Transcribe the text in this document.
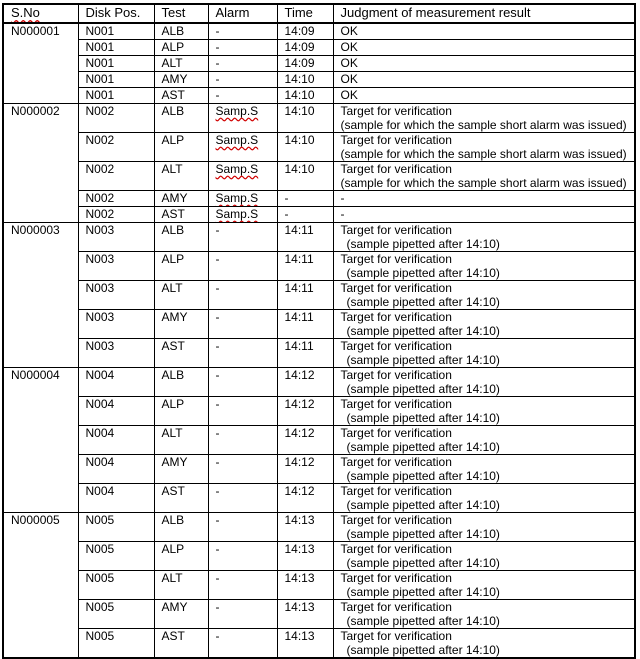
S.No	Disk Pos.	Test	Alarm	Time	Judgment of measurement result
N000001	N001	ALB	-	14:09	OK

	N001	ALP	-	14:09	OK

	N001	ALT	-	14:09	OK

	N001	AMY	-	14:10	OK

	N001	AST	-	14:10	OK

N000002	N002	ALB	Samp.S	14:10	Target for verification
(sample for which the sample short alarm was issued)

	N002	ALP	Samp.S	14:10	Target for verification
(sample for which the sample short alarm was issued)

	N002	ALT	Samp.S	14:10	Target for verification
(sample for which the sample short alarm was issued)

	N002	AMY	Samp.S	-	-

	N002	AST	Samp.S	-	-

N000003	N003	ALB	-	14:11	Target for verification
(sample pipetted after 14:10)

	N003	ALP	-	14:11	Target for verification
(sample pipetted after 14:10)

	N003	ALT	-	14:11	Target for verification
(sample pipetted after 14:10)

	N003	AMY	-	14:11	Target for verification
(sample pipetted after 14:10)

	N003	AST	-	14:11	Target for verification
(sample pipetted after 14:10)

N000004	N004	ALB	-	14:12	Target for verification
(sample pipetted after 14:10)

	N004	ALP	-	14:12	Target for verification
(sample pipetted after 14:10)

	N004	ALT	-	14:12	Target for verification
(sample pipetted after 14:10)

	N004	AMY	-	14:12	Target for verification
(sample pipetted after 14:10)

	N004	AST	-	14:12	Target for verification
(sample pipetted after 14:10)

N000005	N005	ALB	-	14:13	Target for verification
(sample pipetted after 14:10)

	N005	ALP	-	14:13	Target for verification
(sample pipetted after 14:10)

	N005	ALT	-	14:13	Target for verification
(sample pipetted after 14:10)

	N005	AMY	-	14:13	Target for verification
(sample pipetted after 14:10)

	N005	AST	-	14:13	Target for verification
(sample pipetted after 14:10)
